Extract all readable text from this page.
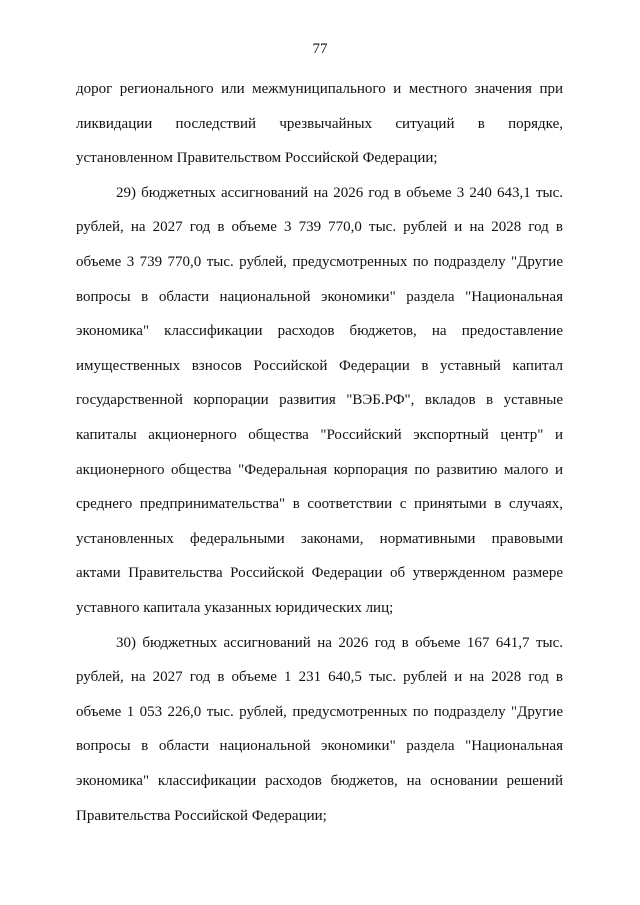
77
дорог регионального или межмуниципального и местного значения при
ликвидации последствий чрезвычайных ситуаций в порядке,
установленном Правительством Российской Федерации;
29) бюджетных ассигнований на 2026 год в объеме 3 240 643,1 тыс.
рублей, на 2027 год в объеме 3 739 770,0 тыс. рублей и на 2028 год в
объеме 3 739 770,0 тыс. рублей, предусмотренных по подразделу "Другие
вопросы в области национальной экономики" раздела "Национальная
экономика" классификации расходов бюджетов, на предоставление
имущественных взносов Российской Федерации в уставный капитал
государственной корпорации развития "ВЭБ.РФ", вкладов в уставные
капиталы акционерного общества "Российский экспортный центр" и
акционерного общества "Федеральная корпорация по развитию малого и
среднего предпринимательства" в соответствии с принятыми в случаях,
установленных федеральными законами, нормативными правовыми
актами Правительства Российской Федерации об утвержденном размере
уставного капитала указанных юридических лиц;
30) бюджетных ассигнований на 2026 год в объеме 167 641,7 тыс.
рублей, на 2027 год в объеме 1 231 640,5 тыс. рублей и на 2028 год в
объеме 1 053 226,0 тыс. рублей, предусмотренных по подразделу "Другие
вопросы в области национальной экономики" раздела "Национальная
экономика" классификации расходов бюджетов, на основании решений
Правительства Российской Федерации;
